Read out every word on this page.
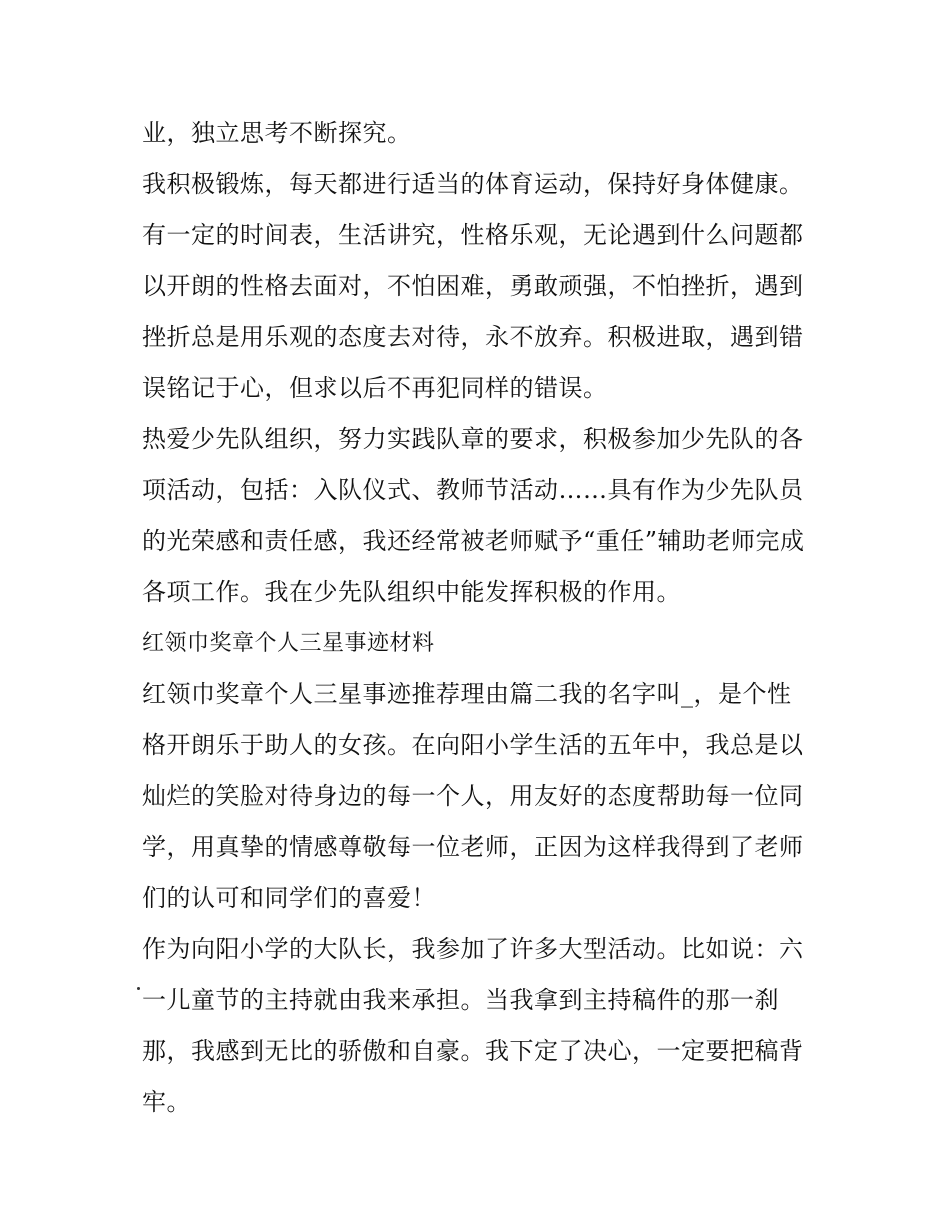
业，独立思考不断探究。
我积极锻炼，每天都进行适当的体育运动，保持好身体健康。
有一定的时间表，生活讲究，性格乐观，无论遇到什么问题都
以开朗的性格去面对，不怕困难，勇敢顽强，不怕挫折，遇到
挫折总是用乐观的态度去对待，永不放弃。积极进取，遇到错
误铭记于心，但求以后不再犯同样的错误。
热爱少先队组织，努力实践队章的要求，积极参加少先队的各
项活动，包括：入队仪式、教师节活动……具有作为少先队员
的光荣感和责任感，我还经常被老师赋予“重任”辅助老师完成
各项工作。我在少先队组织中能发挥积极的作用。
红领巾奖章个人三星事迹材料
红领巾奖章个人三星事迹推荐理由篇二我的名字叫_，是个性
格开朗乐于助人的女孩。在向阳小学生活的五年中，我总是以
灿烂的笑脸对待身边的每一个人，用友好的态度帮助每一位同
学，用真挚的情感尊敬每一位老师，正因为这样我得到了老师
们的认可和同学们的喜爱！
作为向阳小学的大队长，我参加了许多大型活动。比如说：六
一儿童节的主持就由我来承担。当我拿到主持稿件的那一刹
那，我感到无比的骄傲和自豪。我下定了决心，一定要把稿背
牢。
